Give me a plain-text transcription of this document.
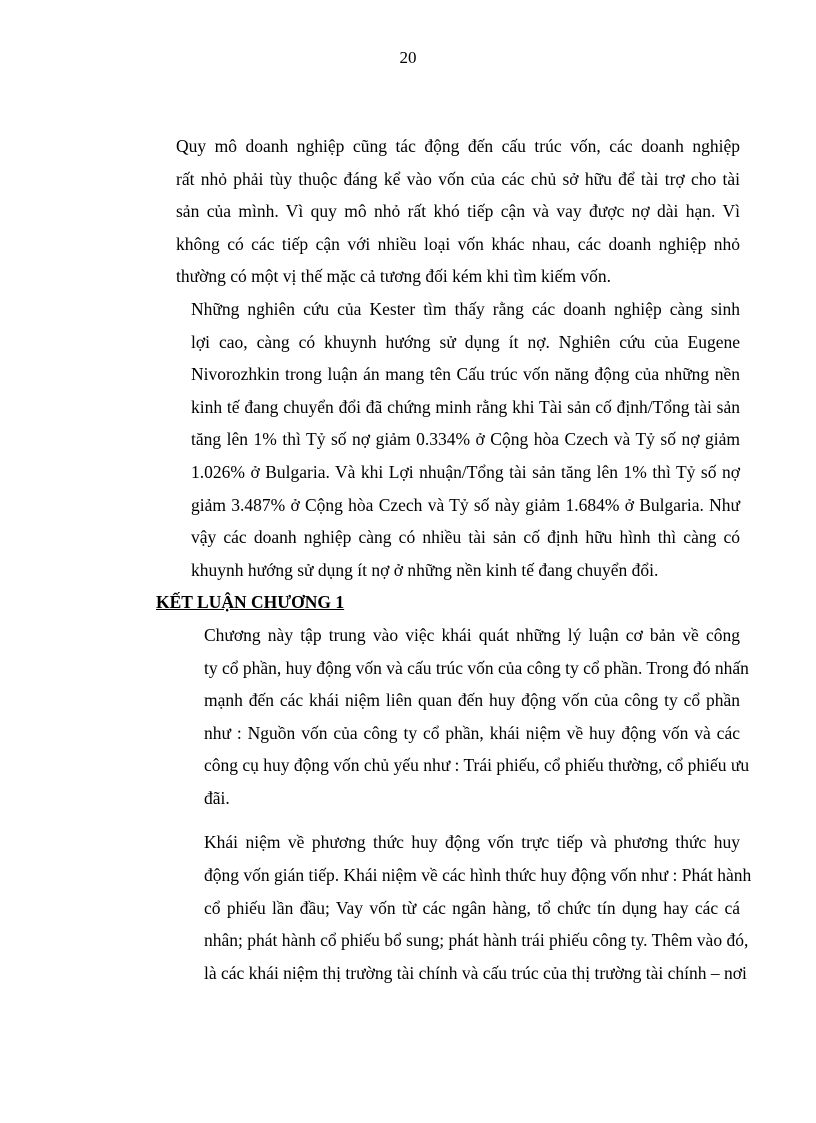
20
Quy mô doanh nghiệp cũng tác động đến cấu trúc vốn, các doanh nghiệp
rất nhỏ phải tùy thuộc đáng kể vào vốn của các chủ sở hữu để tài trợ cho tài
sản của mình. Vì quy mô nhỏ rất khó tiếp cận và vay được nợ dài hạn. Vì
không có các tiếp cận với nhiều loại vốn khác nhau, các doanh nghiệp nhỏ
thường có một vị thế mặc cả tương đối kém khi tìm kiếm vốn.
Những nghiên cứu của Kester tìm thấy rằng các doanh nghiệp càng sinh
lợi cao, càng có khuynh hướng sử dụng ít nợ. Nghiên cứu của Eugene
Nivorozhkin trong luận án mang tên Cấu trúc vốn năng động của những nền
kinh tế đang chuyển đổi đã chứng minh rằng khi Tài sản cố định/Tổng tài sản
tăng lên 1% thì Tỷ số nợ giảm 0.334% ở Cộng hòa Czech và Tỷ số nợ giảm
1.026% ở Bulgaria. Và khi Lợi nhuận/Tổng tài sản tăng lên 1% thì Tỷ số nợ
giảm 3.487% ở Cộng hòa Czech và Tỷ số này giảm 1.684% ở Bulgaria. Như
vậy các doanh nghiệp càng có nhiều tài sản cố định hữu hình thì càng có
khuynh hướng sử dụng ít nợ ở những nền kinh tế đang chuyển đổi.
KẾT LUẬN CHƯƠNG 1
Chương này tập trung vào việc khái quát những lý luận cơ bản về công
ty cổ phần, huy động vốn và cấu trúc vốn của công ty cổ phần. Trong đó nhấn
mạnh đến các khái niệm liên quan đến huy động vốn của công ty cổ phần
như : Nguồn vốn của công ty cổ phần, khái niệm về huy động vốn và các
công cụ huy động vốn chủ yếu như : Trái phiếu, cổ phiếu thường, cổ phiếu ưu
đãi.
Khái niệm về phương thức huy động vốn trực tiếp và phương thức huy
động vốn gián tiếp. Khái niệm về các hình thức huy động vốn như : Phát hành
cổ phiếu lần đầu; Vay vốn từ các ngân hàng, tổ chức tín dụng hay các cá
nhân; phát hành cổ phiếu bổ sung; phát hành trái phiếu công ty. Thêm vào đó,
là các khái niệm thị trường tài chính và cấu trúc của thị trường tài chính – nơi
